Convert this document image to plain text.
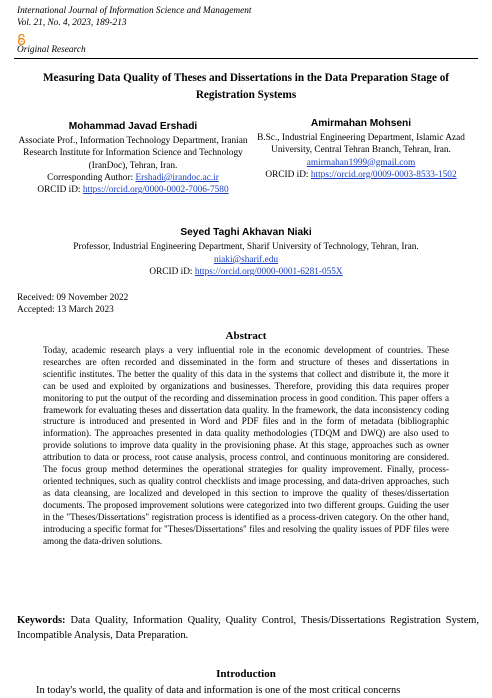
International Journal of Information Science and Management
Vol. 21, No. 4, 2023, 189-213
Original Research
Measuring Data Quality of Theses and Dissertations in the Data Preparation Stage of Registration Systems
Mohammad Javad Ershadi
Associate Prof., Information Technology Department, Iranian Research Institute for Information Science and Technology (IranDoc), Tehran, Iran.
Corresponding Author: Ershadi@irandoc.ac.ir
ORCID iD: https://orcid.org/0000-0002-7006-7580
Amirmahan Mohseni
B.Sc., Industrial Engineering Department, Islamic Azad University, Central Tehran Branch, Tehran, Iran.
amirmahan1999@gmail.com
ORCID iD: https://orcid.org/0009-0003-8533-1502
Seyed Taghi Akhavan Niaki
Professor, Industrial Engineering Department, Sharif University of Technology, Tehran, Iran.
niaki@sharif.edu
ORCID iD: https://orcid.org/0000-0001-6281-055X
Received: 09 November 2022
Accepted: 13 March 2023
Abstract
Today, academic research plays a very influential role in the economic development of countries. These researches are often recorded and disseminated in the form and structure of theses and dissertations in scientific institutes. The better the quality of this data in the systems that collect and distribute it, the more it can be used and exploited by organizations and businesses. Therefore, providing this data requires proper monitoring to put the output of the recording and dissemination process in good condition. This paper offers a framework for evaluating theses and dissertation data quality. In the framework, the data inconsistency coding structure is introduced and presented in Word and PDF files and in the form of metadata (bibliographic information). The approaches presented in data quality methodologies (TDQM and DWQ) are also used to provide solutions to improve data quality in the provisioning phase. At this stage, approaches such as owner attribution to data or process, root cause analysis, process control, and continuous monitoring are considered. The focus group method determines the operational strategies for quality improvement. Finally, process-oriented techniques, such as quality control checklists and image processing, and data-driven approaches, such as data cleansing, are localized and developed in this section to improve the quality of theses/dissertation documents. The proposed improvement solutions were categorized into two different groups. Guiding the user in the "Theses/Dissertations" registration process is identified as a process-driven category. On the other hand, introducing a specific format for "Theses/Dissertations" files and resolving the quality issues of PDF files were among the data-driven solutions.
Keywords: Data Quality, Information Quality, Quality Control, Thesis/Dissertations Registration System, Incompatible Analysis, Data Preparation.
Introduction
In today's world, the quality of data and information is one of the most critical concerns
